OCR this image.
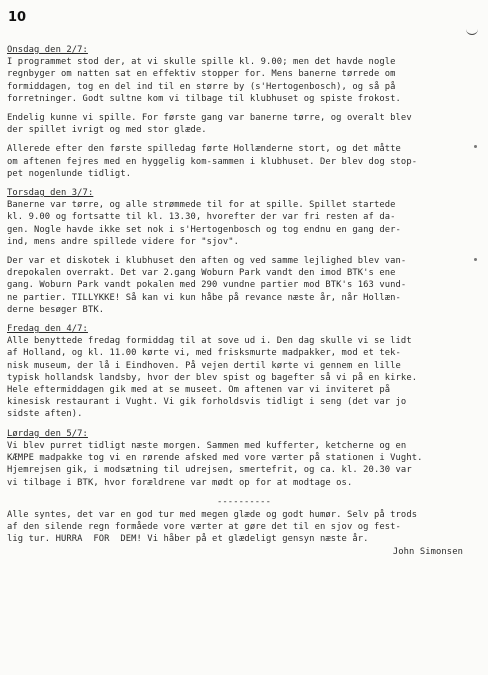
10
Onsdag den 2/7:
I programmet stod der, at vi skulle spille kl. 9.00; men det havde nogle
regnbyger om natten sat en effektiv stopper for. Mens banerne tørrede om
formiddagen, tog en del ind til en større by (s'Hertogenbosch), og så på
forretninger. Godt sultne kom vi tilbage til klubhuset og spiste frokost.
Endelig kunne vi spille. For første gang var banerne tørre, og overalt blev
der spillet ivrigt og med stor glæde.
Allerede efter den første spilledag førte Hollænderne stort, og det måtte
om aftenen fejres med en hyggelig kom-sammen i klubhuset. Der blev dog stop-
pet nogenlunde tidligt.
Torsdag den 3/7:
Banerne var tørre, og alle strømmede til for at spille. Spillet startede
kl. 9.00 og fortsatte til kl. 13.30, hvorefter der var fri resten af da-
gen. Nogle havde ikke set nok i s'Hertogenbosch og tog endnu en gang der-
ind, mens andre spillede videre for "sjov".
Der var et diskotek i klubhuset den aften og ved samme lejlighed blev van-
drepokalen overrakt. Det var 2.gang Woburn Park vandt den imod BTK's ene
gang. Woburn Park vandt pokalen med 290 vundne partier mod BTK's 163 vund-
ne partier. TILLYKKE! Så kan vi kun håbe på revance næste år, når Hollæn-
derne besøger BTK.
Fredag den 4/7:
Alle benyttede fredag formiddag til at sove ud i. Den dag skulle vi se lidt
af Holland, og kl. 11.00 kørte vi, med frisksmurte madpakker, mod et tek-
nisk museum, der lå i Eindhoven. På vejen dertil kørte vi gennem en lille
typisk hollandsk landsby, hvor der blev spist og bagefter så vi på en kirke.
Hele eftermiddagen gik med at se museet. Om aftenen var vi inviteret på
kinesisk restaurant i Vught. Vi gik forholdsvis tidligt i seng (det var jo
sidste aften).
Lørdag den 5/7:
Vi blev purret tidligt næste morgen. Sammen med kufferter, ketcherne og en
KÆMPE madpakke tog vi en rørende afsked med vore værter på stationen i Vught.
Hjemrejsen gik, i modsætning til udrejsen, smertefrit, og ca. kl. 20.30 var
vi tilbage i BTK, hvor forældrene var mødt op for at modtage os.
----------
Alle syntes, det var en god tur med megen glæde og godt humør. Selv på trods
af den silende regn formåede vore værter at gøre det til en sjov og fest-
lig tur. HURRA  FOR  DEM! Vi håber på et glædeligt gensyn næste år.
John Simonsen
